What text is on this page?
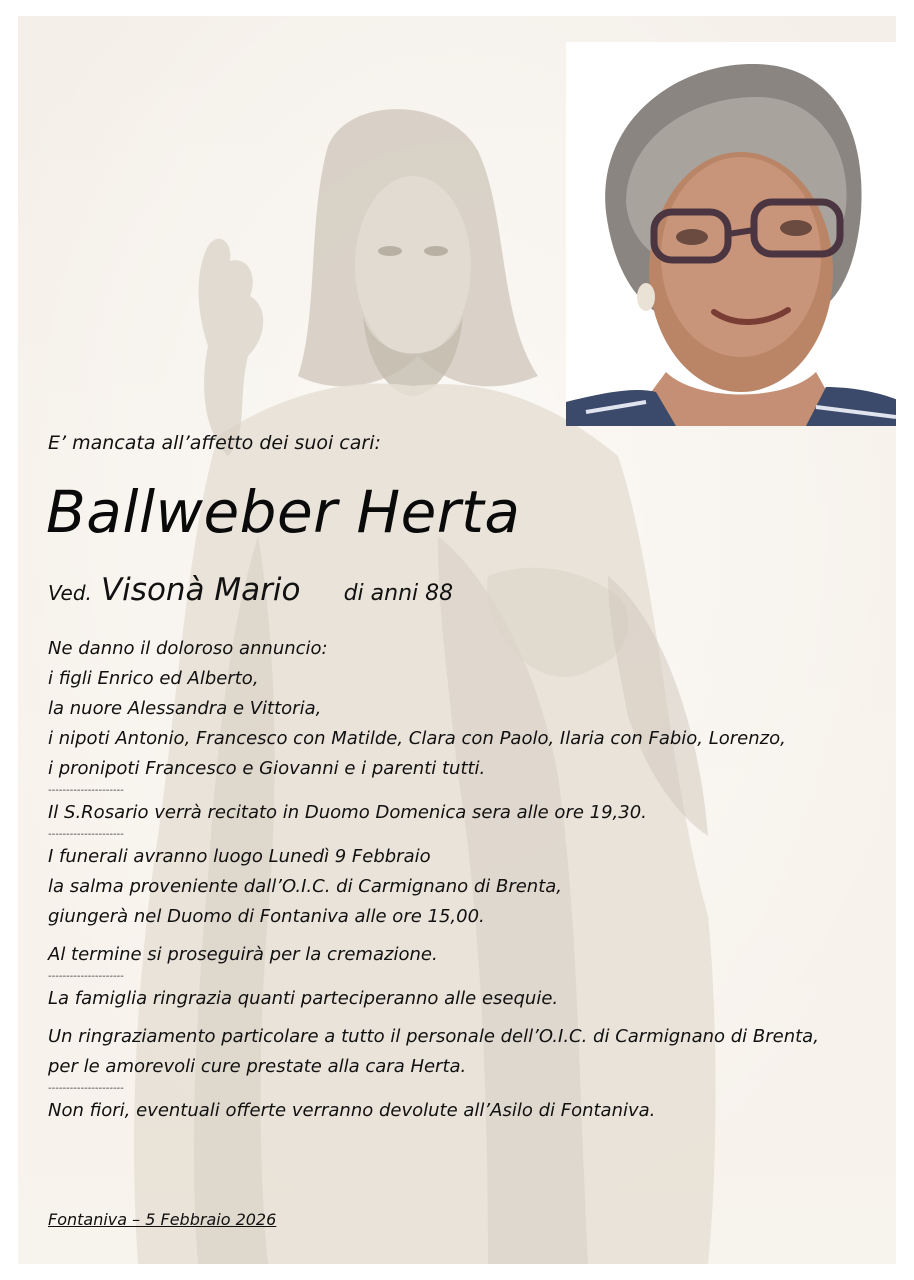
E’ mancata all’affetto dei suoi cari:
Ballweber Herta
Ved. Visonà Mario di anni 88
Ne danno il doloroso annuncio:
i figli Enrico ed Alberto,
la nuore Alessandra e Vittoria,
i nipoti Antonio, Francesco con Matilde, Clara con Paolo, Ilaria con Fabio, Lorenzo,
i pronipoti Francesco e Giovanni e i parenti tutti.
---------------------
Il S.Rosario verrà recitato in Duomo Domenica sera alle ore 19,30.
---------------------
I funerali avranno luogo Lunedì 9 Febbraio
la salma proveniente dall’O.I.C. di Carmignano di Brenta,
giungerà nel Duomo di Fontaniva alle ore 15,00.
Al termine si proseguirà per la cremazione.
---------------------
La famiglia ringrazia quanti parteciperanno alle esequie.
Un ringraziamento particolare a tutto il personale dell’O.I.C. di Carmignano di Brenta,
per le amorevoli cure prestate alla cara Herta.
---------------------
Non fiori, eventuali offerte verranno devolute all’Asilo di Fontaniva.
Fontaniva – 5 Febbraio 2026
